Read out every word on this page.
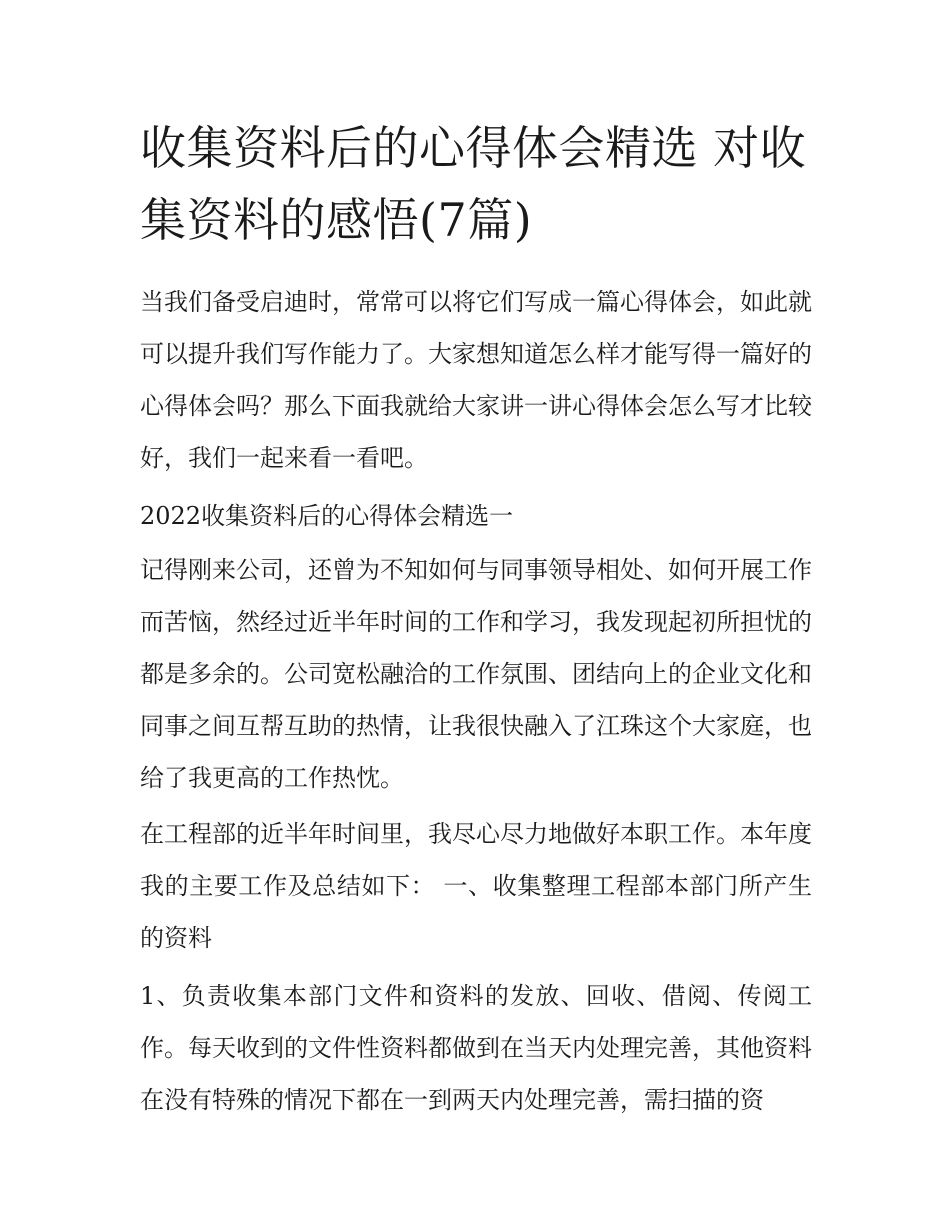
收集资料后的心得体会精选 对收集资料的感悟(7篇)

当我们备受启迪时，常常可以将它们写成一篇心得体会，如此就可以提升我们写作能力了。大家想知道怎么样才能写得一篇好的心得体会吗？那么下面我就给大家讲一讲心得体会怎么写才比较好，我们一起来看一看吧。

2022收集资料后的心得体会精选一

记得刚来公司，还曾为不知如何与同事领导相处、如何开展工作而苦恼，然经过近半年时间的工作和学习，我发现起初所担忧的都是多余的。公司宽松融洽的工作氛围、团结向上的企业文化和同事之间互帮互助的热情，让我很快融入了江珠这个大家庭，也给了我更高的工作热忱。

在工程部的近半年时间里，我尽心尽力地做好本职工作。本年度我的主要工作及总结如下： 一、收集整理工程部本部门所产生的资料

1、负责收集本部门文件和资料的发放、回收、借阅、传阅工作。每天收到的文件性资料都做到在当天内处理完善，其他资料在没有特殊的情况下都在一到两天内处理完善，需扫描的资
